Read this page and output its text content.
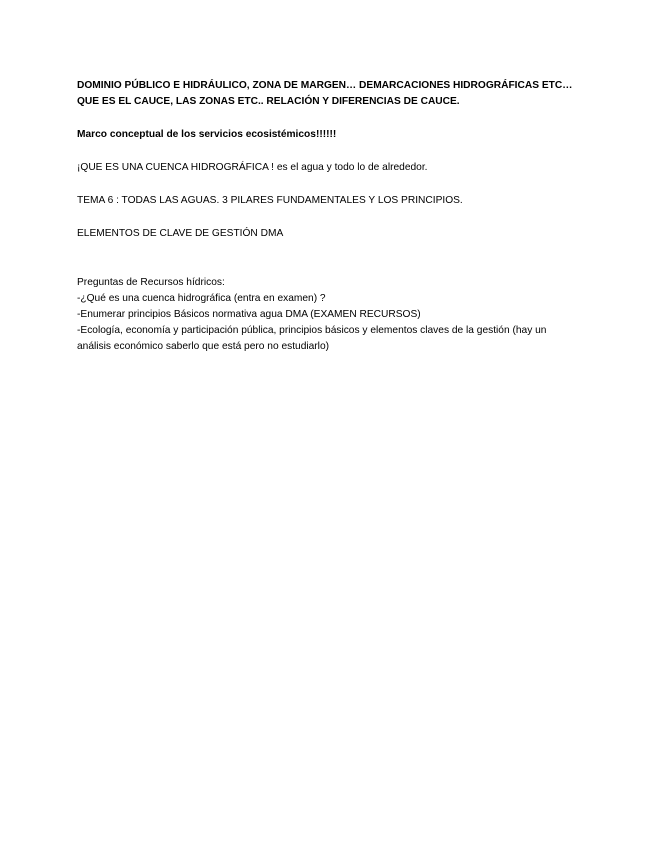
DOMINIO PÚBLICO E HIDRÁULICO, ZONA DE MARGEN… DEMARCACIONES HIDROGRÁFICAS ETC…
QUE ES EL CAUCE, LAS ZONAS ETC.. RELACIÓN Y DIFERENCIAS DE CAUCE.

Marco conceptual de los servicios ecosistémicos!!!!!!

¡QUE ES UNA CUENCA HIDROGRÁFICA ! es el agua y todo lo de alrededor.

TEMA 6 : TODAS LAS AGUAS. 3 PILARES FUNDAMENTALES Y LOS PRINCIPIOS.

ELEMENTOS DE CLAVE DE GESTIÓN DMA

Preguntas de Recursos hídricos:

-¿Qué es una cuenca hidrográfica (entra en examen) ?

-Enumerar principios Básicos normativa agua DMA (EXAMEN RECURSOS)

-Ecología, economía y participación pública, principios básicos y elementos claves de la gestión (hay un análisis económico saberlo que está pero no estudiarlo)
